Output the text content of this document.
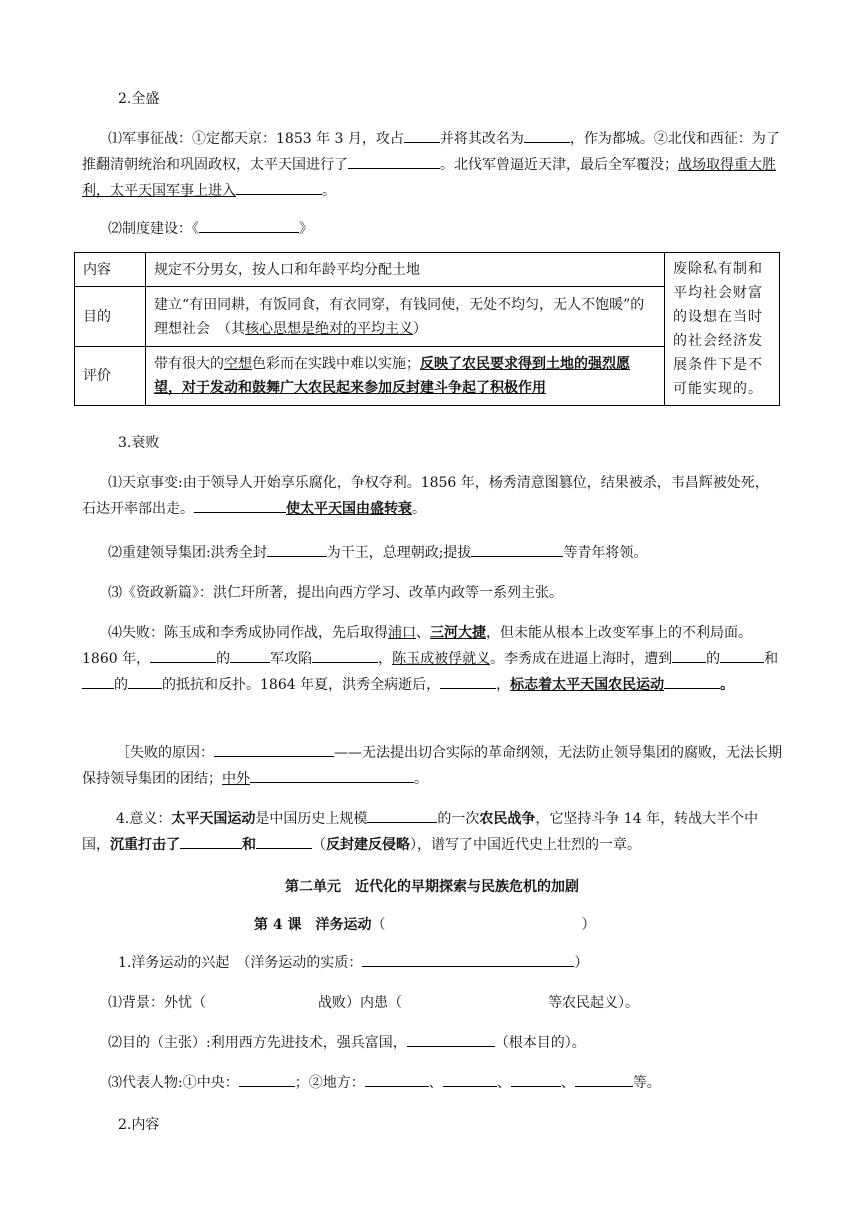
2.全盛
⑴军事征战：①定都天京：1853 年 3 月，攻占	并将其改名为	，作为都城。②北伐和西征：为了推翻清朝统治和巩固政权，太平天国进行了	。北伐军曾逼近天津，最后全军覆没；战场取得重大胜利，太平天国军事上进入	。
⑵制度建设：《	》
内容	规定不分男女，按人口和年龄平均分配土地	废除私有制和平均社会财富的设想在当时的社会经济发展条件下是不可能实现的。
目的	建立“有田同耕，有饭同食，有衣同穿，有钱同使，无处不均匀，无人不饱暖”的理想社会　（其核心思想是绝对的平均主义）	
评价	带有很大的空想色彩而在实践中难以实施；反映了农民要求得到土地的强烈愿望，对于发动和鼓舞广大农民起来参加反封建斗争起了积极作用	
3.衰败
⑴天京事变:由于领导人开始享乐腐化，争权夺利。1856 年，杨秀清意图篡位，结果被杀，韦昌辉被处死，石达开率部出走。	使太平天国由盛转衰。
⑵重建领导集团:洪秀全封	为干王，总理朝政;提拔	等青年将领。
⑶《资政新篇》：洪仁玕所著，提出向西方学习、改革内政等一系列主张。
⑷失败：陈玉成和李秀成协同作战，先后取得浦口、三河大捷，但未能从根本上改变军事上的不利局面。1860 年，	的	军攻陷	，陈玉成被俘就义。李秀成在进逼上海时，遭到 的	和的 的抵抗和反扑。1864 年夏，洪秀全病逝后，	，标志着太平天国农民运动	。
［失败的原因：	——无法提出切合实际的革命纲领，无法防止领导集团的腐败，无法长期保持领导集团的团结；中外	。
4.意义：太平天国运动是中国历史上规模	的一次农民战争，它坚持斗争 14 年，转战大半个中国，沉重打击了	和	（反封建反侵略），谱写了中国近代史上壮烈的一章。
第二单元　近代化的早期探索与民族危机的加剧
第 4 课　洋务运动（	）
1.洋务运动的兴起　（洋务运动的实质：	）
⑴背景：外忧（	战败）内患（	等农民起义）。
⑵目的（主张）:利用西方先进技术，强兵富国，	（根本目的）。
⑶代表人物:①中央：	；②地方：	、	、	、	等。
2.内容
